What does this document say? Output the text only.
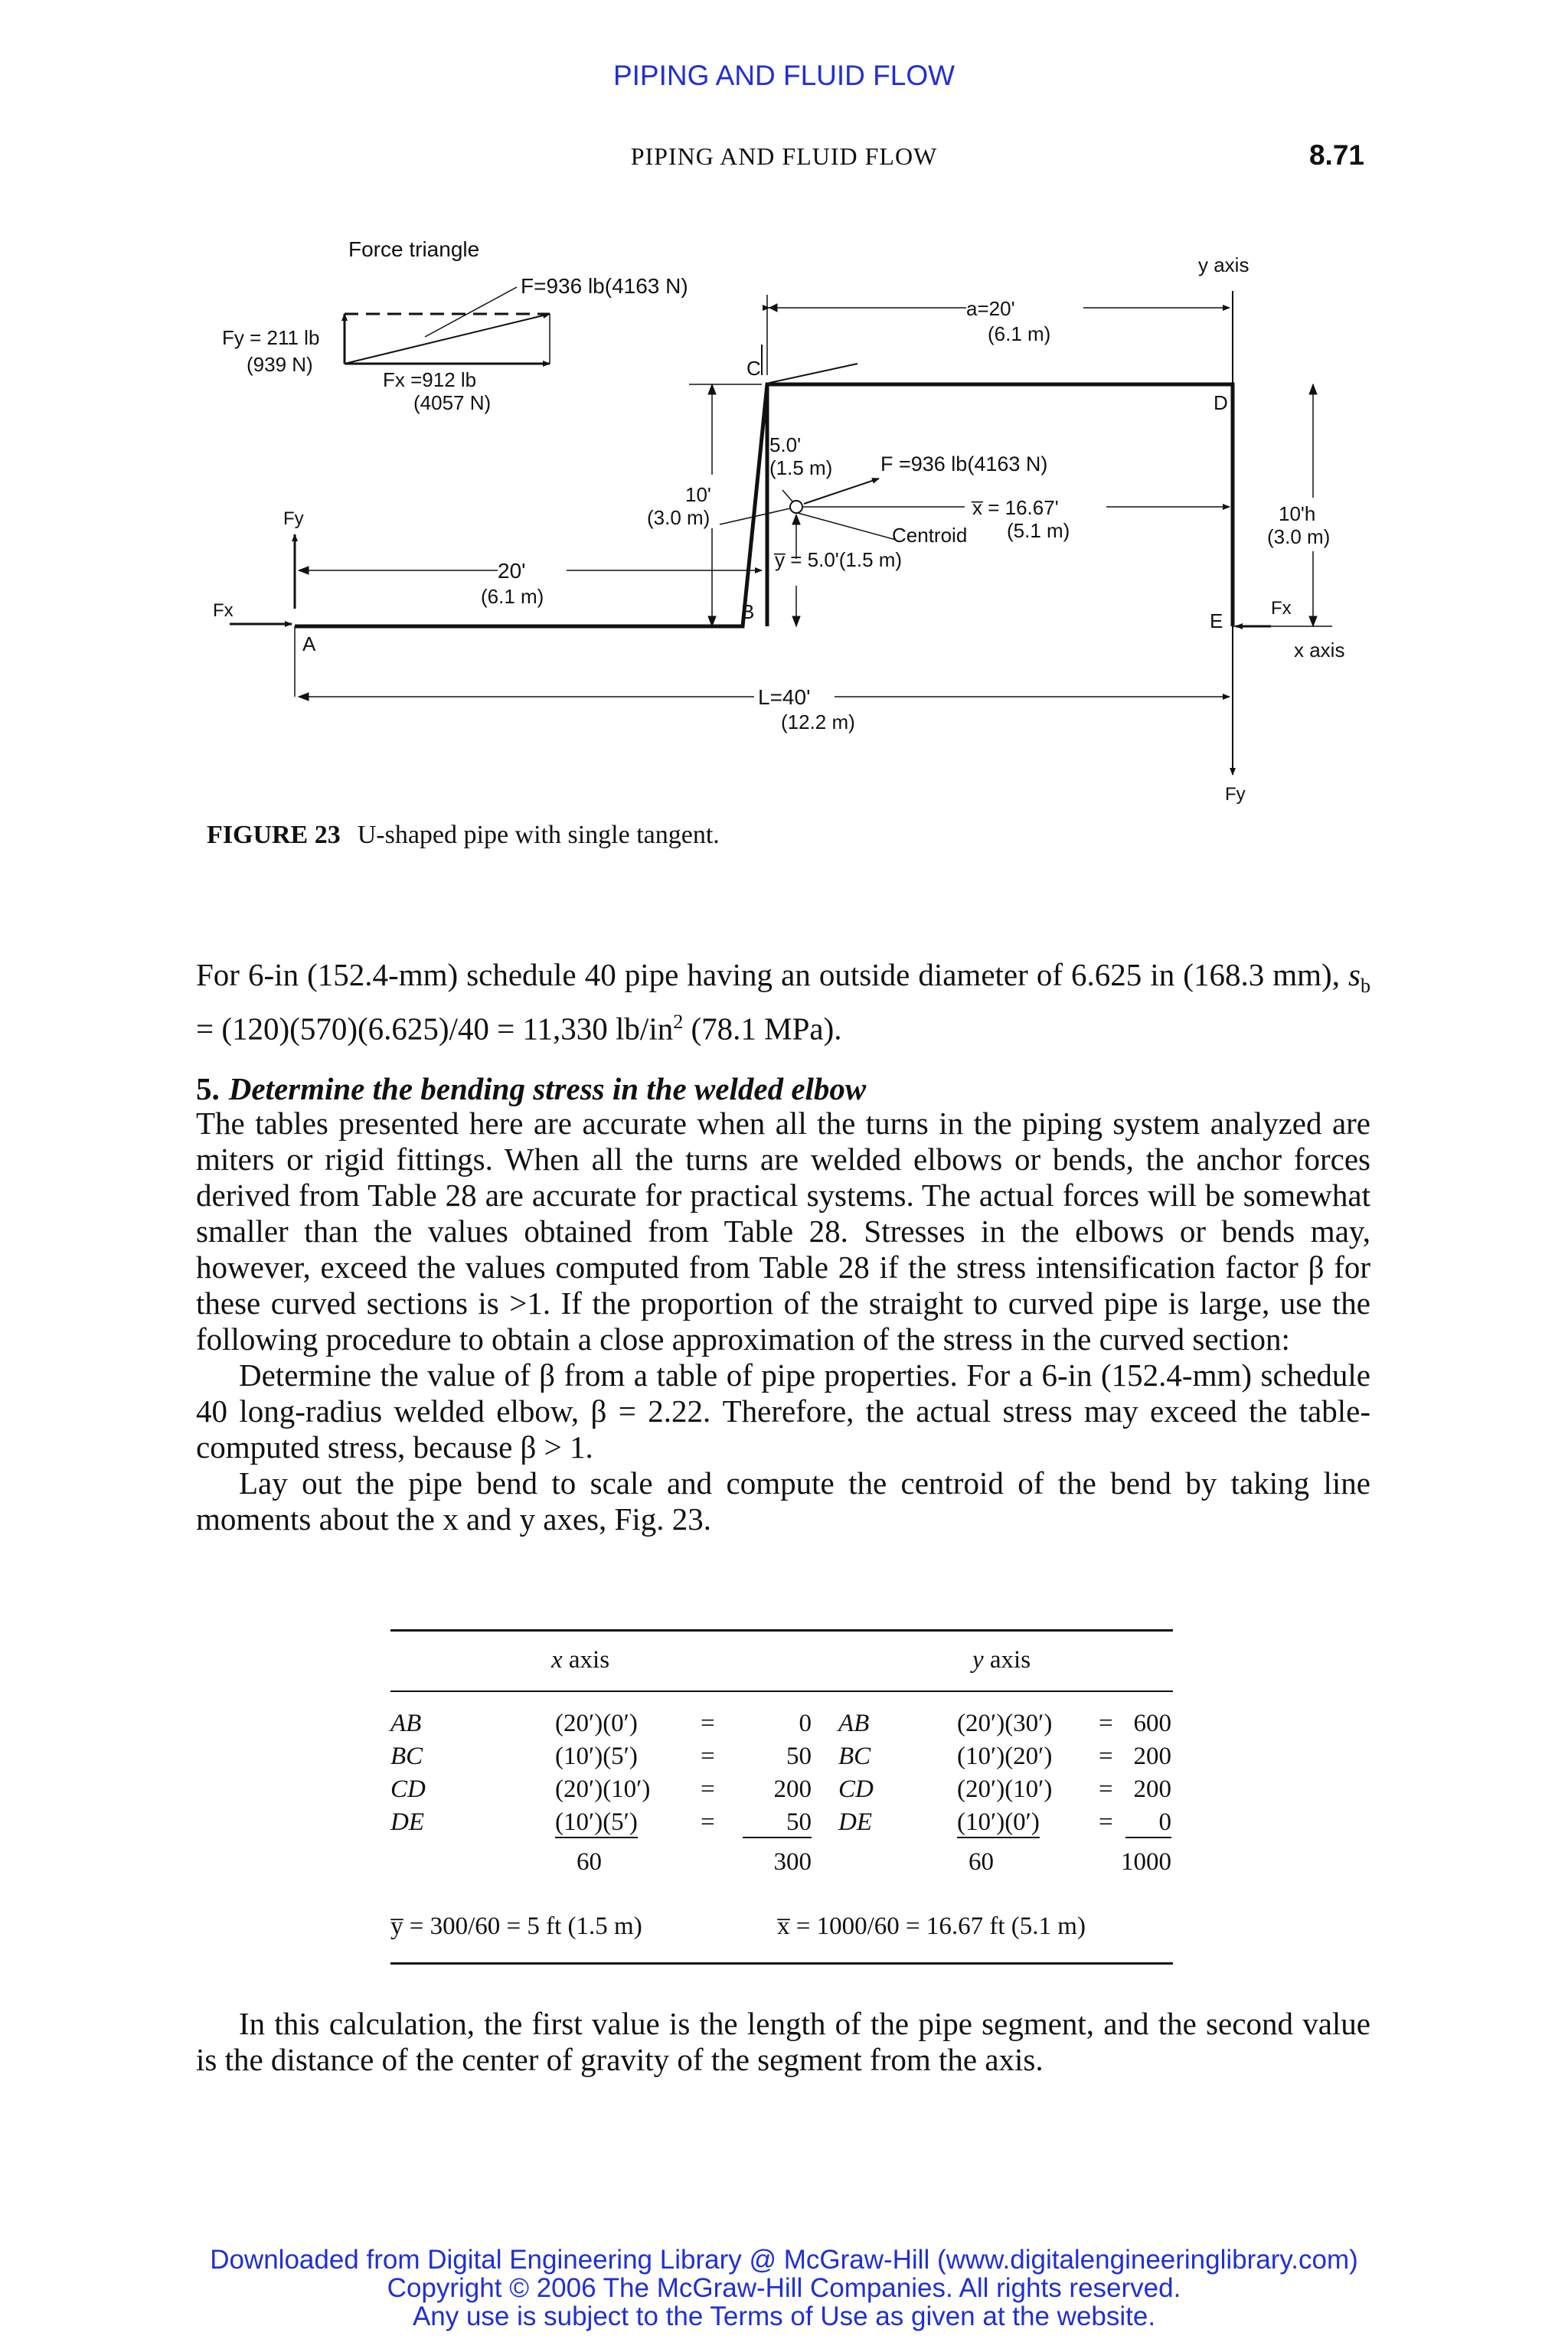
PIPING AND FLUID FLOW
PIPING AND FLUID FLOW	8.71
Force triangle
F=936 lb(4163 N)
Fy = 211 lb
(939 N)
Fx =912 lb
(4057 N)
y axis
x axis
a=20'
(6.1 m)
A
B
C
D
E
20'
(6.1 m)
10'
(3.0 m)
5.0'
(1.5 m) F =936 lb(4163 N)
x̅ = 16.67'
(5.1 m)
Centroid
y̅ = 5.0'(1.5 m)
10'h
(3.0 m)
L=40'
(12.2 m)
Fx
Fy
Fx
Fy
FIGURE 23 U-shaped pipe with single tangent.

For 6-in (152.4-mm) schedule 40 pipe having an outside diameter of 6.625 in (168.3 mm), $s_b = (120)(570)(6.625)/40 = 11,330$ $lb/in^2$ (78.1 MPa).

5. Determine the bending stress in the welded elbow

The tables presented here are accurate when all the turns in the piping system analyzed are miters or rigid fittings. When all the turns are welded elbows or bends, the anchor forces derived from Table 28 are accurate for practical systems. The actual forces will be somewhat smaller than the values obtained from Table 28. Stresses in the elbows or bends may, however, exceed the values computed from Table 28 if the stress intensification factor β for these curved sections is >1. If the proportion of the straight to curved pipe is large, use the following procedure to obtain a close approximation of the stress in the curved section:

Determine the value of β from a table of pipe properties. For a 6-in (152.4-mm) schedule 40 long-radius welded elbow, β = 2.22. Therefore, the actual stress may exceed the table-computed stress, because β > 1.

Lay out the pipe bend to scale and compute the centroid of the bend by taking line moments about the x and y axes, Fig. 23.

x axis	y axis
AB	(20′)(0′) =	0 AB	(20′)(30′) = 600
BC	(10′)(5′) =	50 BC	(10′)(20′) = 200
CD	(20′)(10′) =	200 CD	(20′)(10′) = 200
DE	(10′)(5′) =	50 DE	(10′)(0′) =	0
60	300	60	1000
y̅ = 300/60 = 5 ft (1.5 m)	x̅ = 1000/60 = 16.67 ft (5.1 m)

In this calculation, the first value is the length of the pipe segment, and the second value is the distance of the center of gravity of the segment from the axis.

Downloaded from Digital Engineering Library @ McGraw-Hill (www.digitalengineeringlibrary.com)
Copyright © 2006 The McGraw-Hill Companies. All rights reserved.
Any use is subject to the Terms of Use as given at the website.
